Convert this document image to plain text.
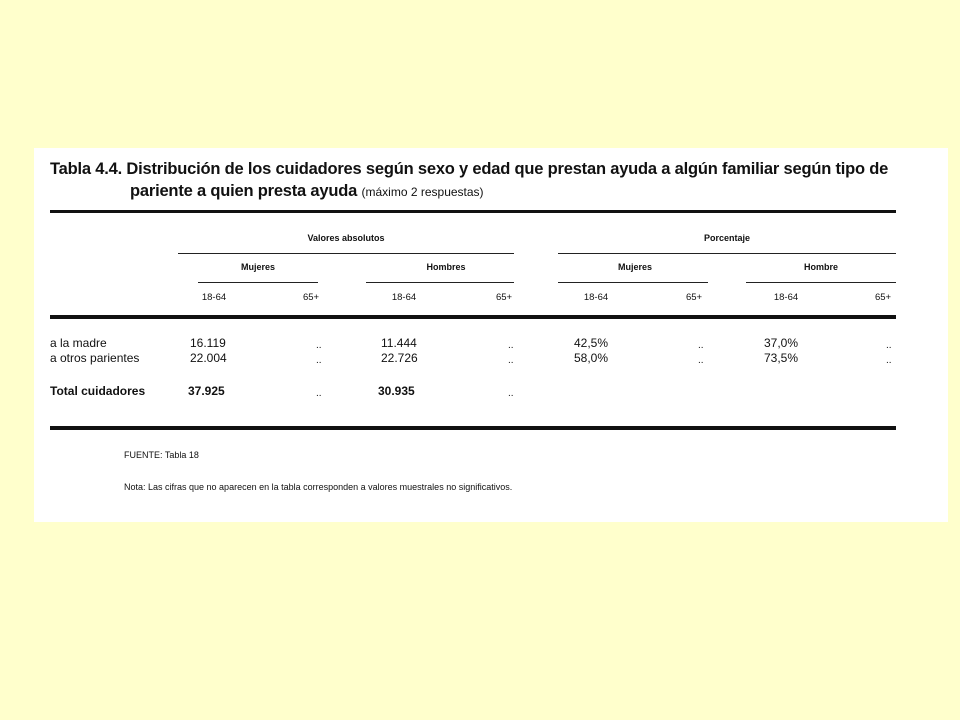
Tabla 4.4. Distribución de los cuidadores según sexo y edad que prestan ayuda a algún familiar según tipo de
pariente a quien presta ayuda (máximo 2 respuestas)
Valores absolutos	Porcentaje
Mujeres	Hombres	Mujeres	Hombre
18-64	65+	18-64	65+	18-64	65+	18-64	65+
a la madre	16.119	..	11.444	..	42,5%	..	37,0%	..
a otros parientes	22.004	..	22.726	..	58,0%	..	73,5%	..
Total cuidadores	37.925	..	30.935	..
FUENTE: Tabla 18
Nota: Las cifras que no aparecen en la tabla corresponden a valores muestrales no significativos.
